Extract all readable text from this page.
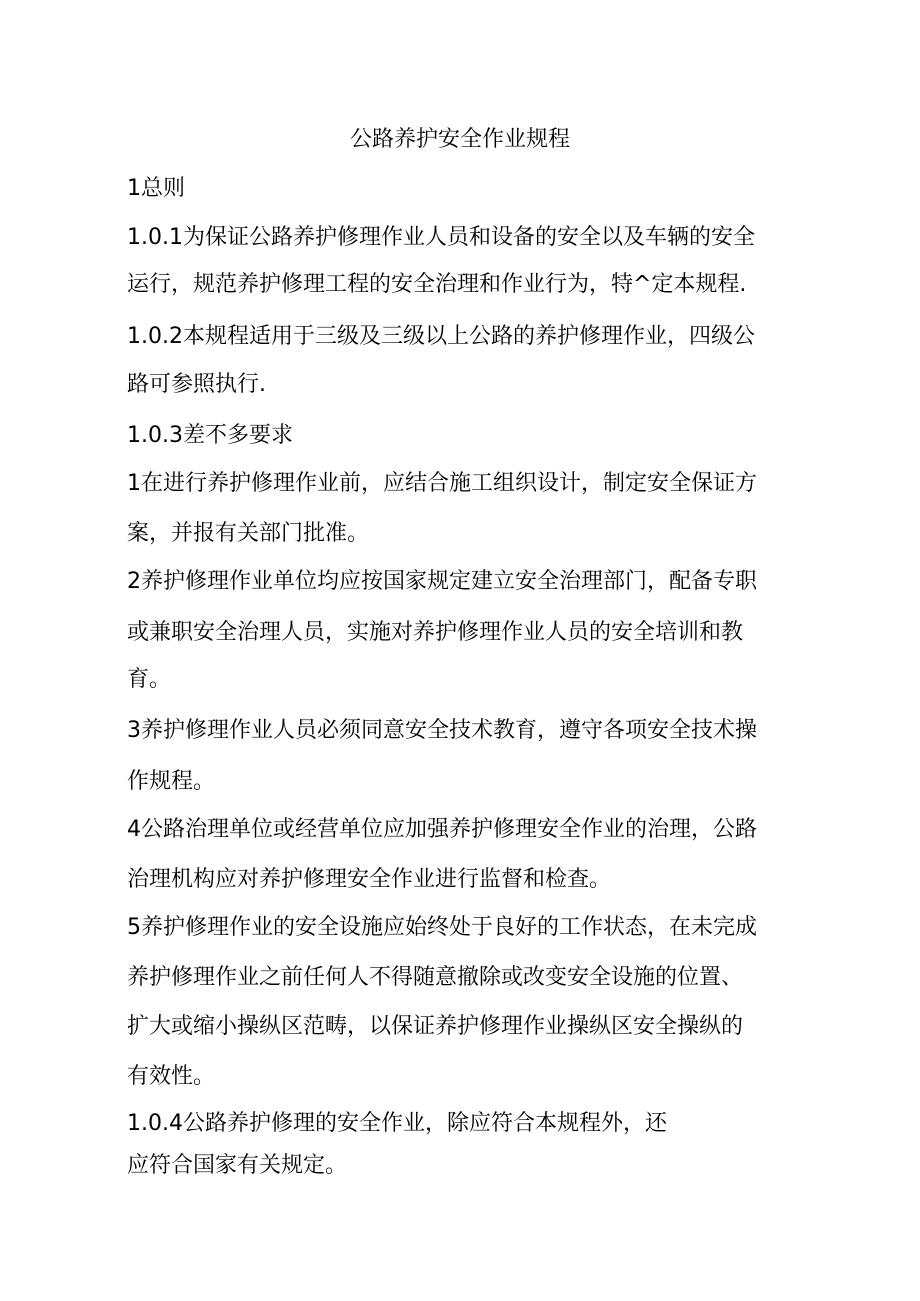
公路养护安全作业规程

1总则

1.0.1为保证公路养护修理作业人员和设备的安全以及车辆的安全

运行，规范养护修理工程的安全治理和作业行为，特^定本规程.

1.0.2本规程适用于三级及三级以上公路的养护修理作业，四级公

路可参照执行.

1.0.3差不多要求

1在进行养护修理作业前，应结合施工组织设计，制定安全保证方

案，并报有关部门批准。

2养护修理作业单位均应按国家规定建立安全治理部门，配备专职

或兼职安全治理人员，实施对养护修理作业人员的安全培训和教

育。

3养护修理作业人员必须同意安全技术教育，遵守各项安全技术操

作规程。

4公路治理单位或经营单位应加强养护修理安全作业的治理，公路

治理机构应对养护修理安全作业进行监督和检查。

5养护修理作业的安全设施应始终处于良好的工作状态，在未完成

养护修理作业之前任何人不得随意撤除或改变安全设施的位置、

扩大或缩小操纵区范畴，以保证养护修理作业操纵区安全操纵的

有效性。

1.0.4公路养护修理的安全作业，除应符合本规程外，还

应符合国家有关规定。
